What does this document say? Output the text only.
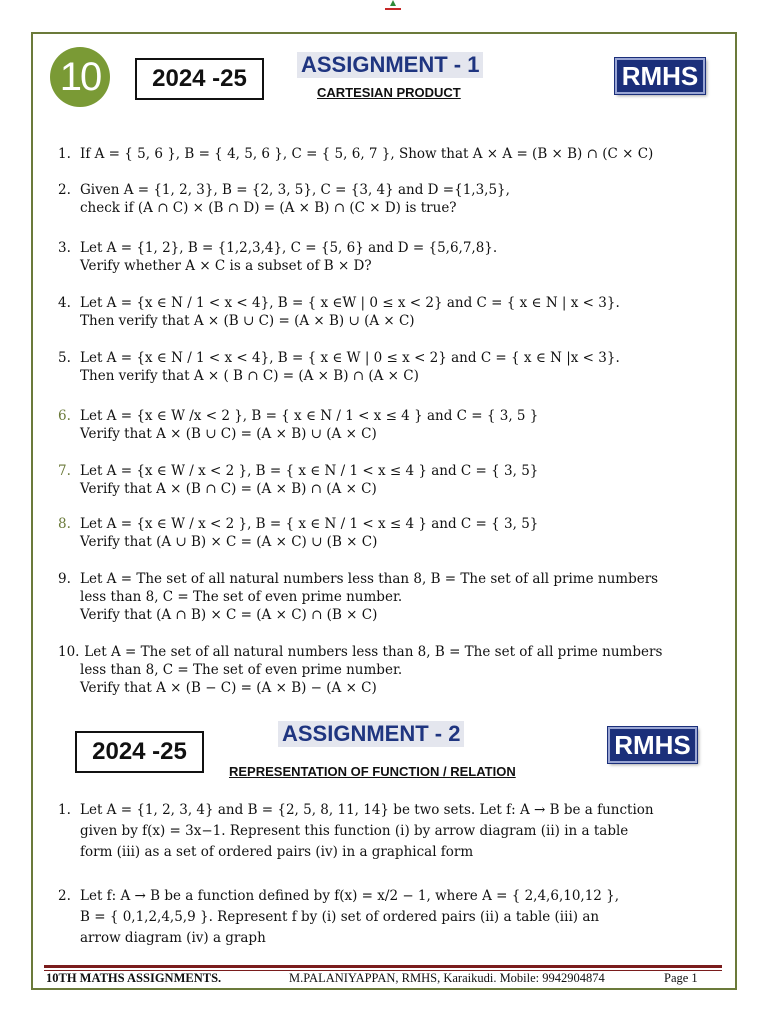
10	2024 -25
ASSIGNMENT - 1
CARTESIAN PRODUCT
RMHS
1. If A = { 5, 6 }, B = { 4, 5, 6 }, C = { 5, 6, 7 }, Show that A × A = (B × B) ∩ (C × C)
2. Given A = {1, 2, 3}, B = {2, 3, 5}, C = {3, 4} and D ={1,3,5},
check if (A ∩ C) × (B ∩ D) = (A × B) ∩ (C × D) is true?
3. Let A = {1, 2}, B = {1,2,3,4}, C = {5, 6} and D = {5,6,7,8}.
Verify whether A × C is a subset of B × D?
4. Let A = {x ∈ N / 1 < x < 4}, B = { x ∈W | 0 ≤ x < 2} and C = { x ∈ N | x < 3}.
Then verify that A × (B ∪ C) = (A × B) ∪ (A × C)
5. Let A = {x ∈ N / 1 < x < 4}, B = { x ∈ W | 0 ≤ x < 2} and C = { x ∈ N |x < 3}.
Then verify that A × ( B ∩ C) = (A × B) ∩ (A × C)
6. Let A = {x ∈ W /x < 2 }, B = { x ∈ N / 1 < x ≤ 4 } and C = { 3, 5 }
Verify that A × (B ∪ C) = (A × B) ∪ (A × C)
7. Let A = {x ∈ W / x < 2 }, B = { x ∈ N / 1 < x ≤ 4 } and C = { 3, 5}
Verify that A × (B ∩ C) = (A × B) ∩ (A × C)
8. Let A = {x ∈ W / x < 2 }, B = { x ∈ N / 1 < x ≤ 4 } and C = { 3, 5}
Verify that (A ∪ B) × C = (A × C) ∪ (B × C)
9. Let A = The set of all natural numbers less than 8, B = The set of all prime numbers
less than 8, C = The set of even prime number.
Verify that (A ∩ B) × C = (A × C) ∩ (B × C)
10. Let A = The set of all natural numbers less than 8, B = The set of all prime numbers
less than 8, C = The set of even prime number.
Verify that A × (B − C) = (A × B) − (A × C)
2024 -25
ASSIGNMENT - 2
REPRESENTATION OF FUNCTION / RELATION
RMHS
1. Let A = {1, 2, 3, 4} and B = {2, 5, 8, 11, 14} be two sets. Let f: A → B be a function
given by f(x) = 3x−1. Represent this function (i) by arrow diagram (ii) in a table
form (iii) as a set of ordered pairs (iv) in a graphical form
2. Let f: A → B be a function defined by f(x) = x/2 − 1, where A = { 2,4,6,10,12 },
B = { 0,1,2,4,5,9 }. Represent f by (i) set of ordered pairs (ii) a table (iii) an
arrow diagram (iv) a graph
10TH MATHS ASSIGNMENTS.	M.PALANIYAPPAN, RMHS, Karaikudi. Mobile: 9942904874	Page 1
